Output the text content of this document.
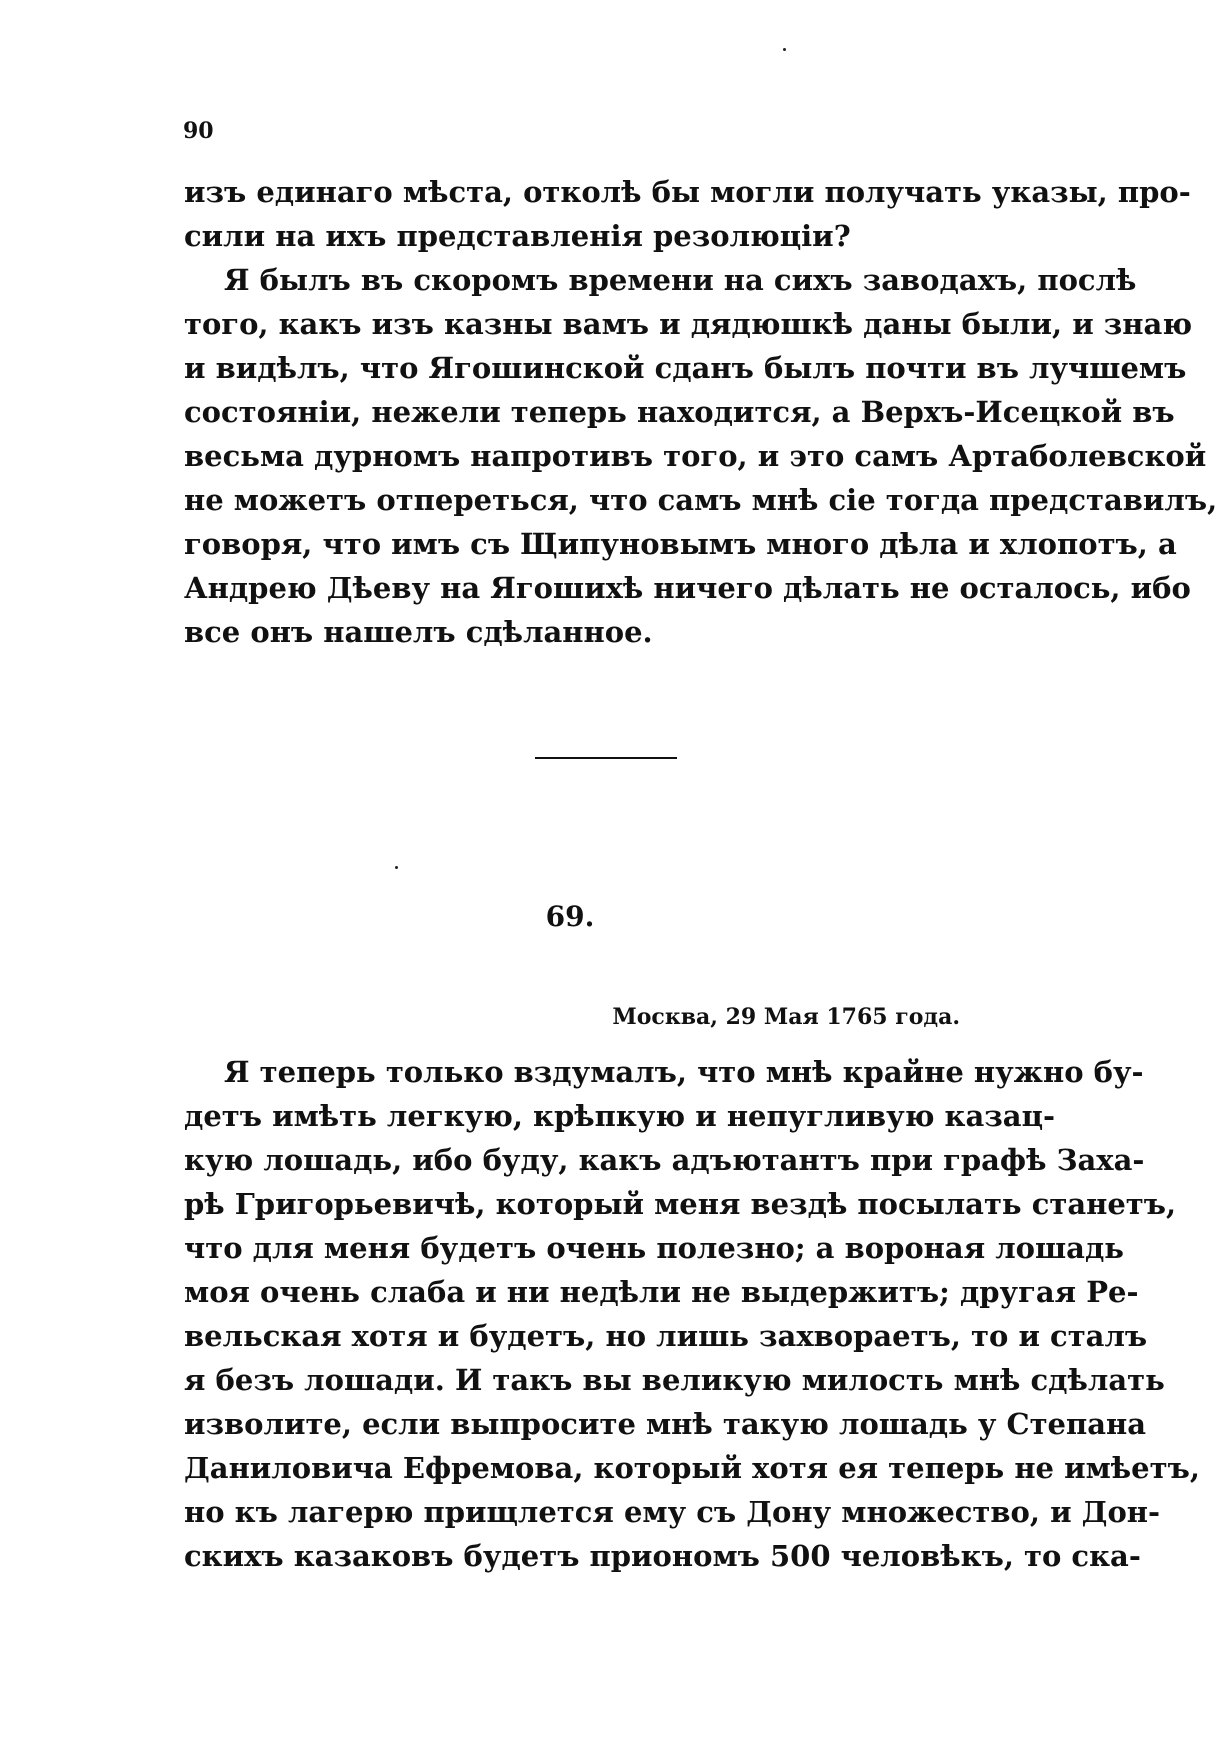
90
изъ единаго мѣста, отколѣ бы могли получать указы, про-
сили на ихъ представленія резолюціи?
Я былъ въ скоромъ времени на сихъ заводахъ, послѣ
того, какъ изъ казны вамъ и дядюшкѣ даны были, и знаю
и видѣлъ, что Ягошинской сданъ былъ почти въ лучшемъ
состояніи, нежели теперь находится, а Верхъ-Исецкой въ
весьма дурномъ напротивъ того, и это самъ Артаболевской
не можетъ отпереться, что самъ мнѣ сіе тогда представилъ,
говоря, что имъ съ Щипуновымъ много дѣла и хлопотъ, а
Андрею Дѣеву на Ягошихѣ ничего дѣлать не осталось, ибо
все онъ нашелъ сдѣланное.
69.
Москва, 29 Мая 1765 года.
Я теперь только вздумалъ, что мнѣ крайне нужно бу-
детъ имѣть легкую, крѣпкую и непугливую казац-
кую лошадь, ибо буду, какъ адъютантъ при графѣ Заха-
рѣ Григорьевичѣ, который меня вездѣ посылать станетъ,
что для меня будетъ очень полезно; а вороная лошадь
моя очень слаба и ни недѣли не выдержитъ; другая Ре-
вельская хотя и будетъ, но лишь захвораетъ, то и сталъ
я безъ лошади. И такъ вы великую милость мнѣ сдѣлать
изволите, если выпросите мнѣ такую лошадь у Степана
Даниловича Ефремова, который хотя ея теперь не имѣетъ,
но къ лагерю прищлется ему съ Дону множество, и Дон-
скихъ казаковъ будетъ приономъ 500 человѣкъ, то ска-
